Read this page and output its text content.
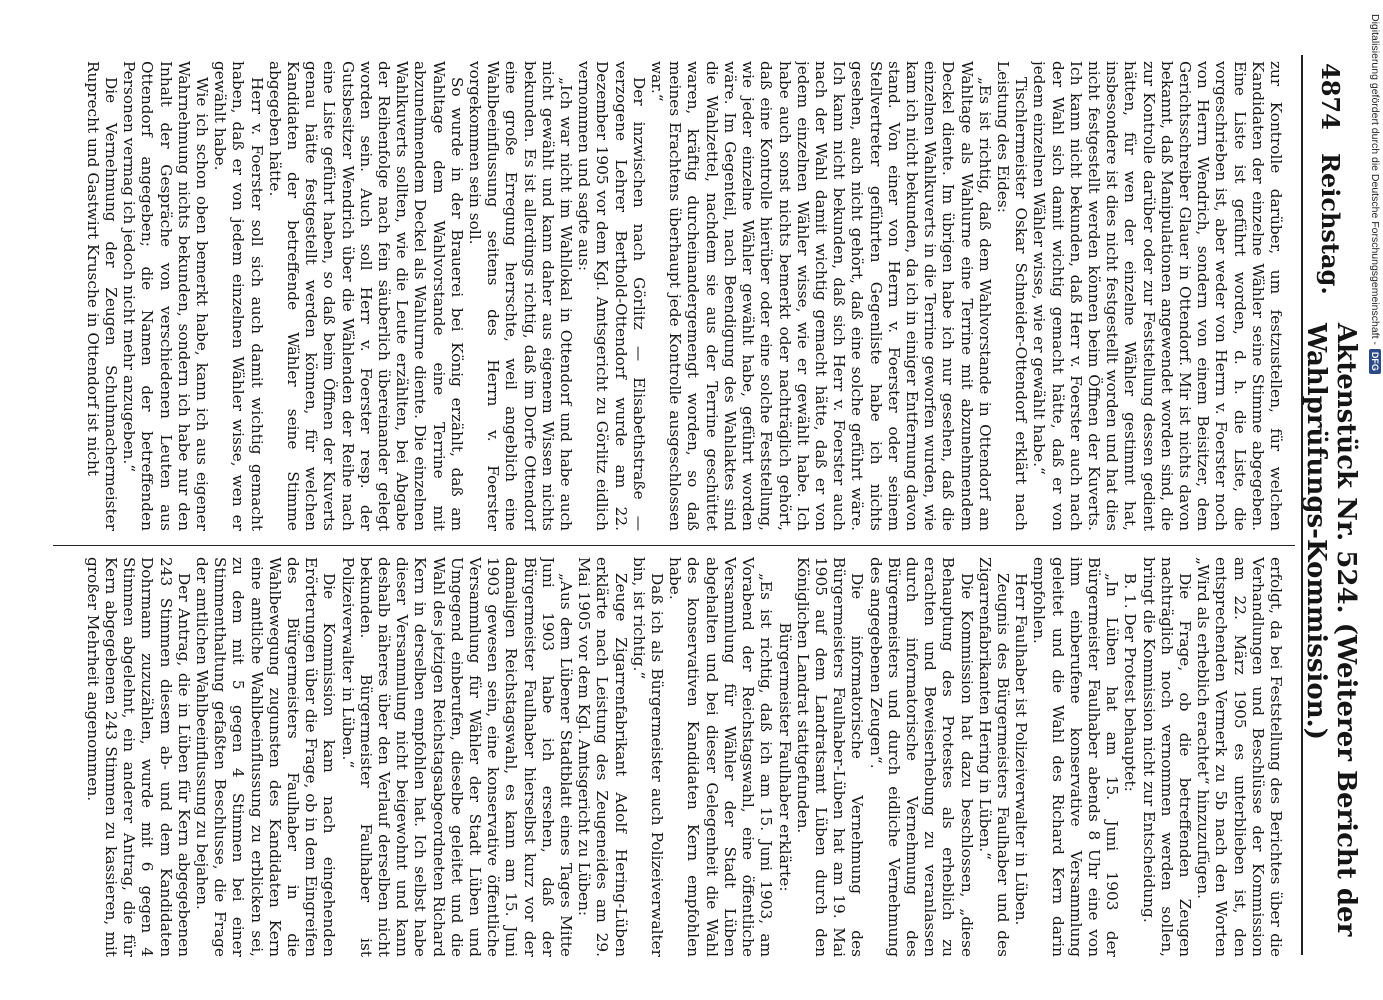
4874
Reichstag.
Aktenstück Nr. 524. (Weiterer Bericht der Wahlprüfungs-Kommission.)

zur Kontrolle darüber, um festzustellen, für welchen Kandidaten der einzelne Wähler seine Stimme abgegeben. Eine Liste ist geführt worden, d. h. die Liste, die vorgeschrieben ist, aber weder von Herrn v. Foerster noch von Herrn Wendrich, sondern von einem Beisitzer, dem Gerichtsschreiber Glauer in Ottendorf. Mir ist nichts davon bekannt, daß Manipulationen angewendet worden sind, die zur Kontrolle darüber oder zur Feststellung dessen gedient hätten, für wen der einzelne Wähler gestimmt hat, insbesondere ist dies nicht festgestellt worden und hat dies nicht festgestellt werden können beim Öffnen der Kuverts. Ich kann nicht bekunden, daß Herr v. Foerster auch nach der Wahl sich damit wichtig gemacht hätte, daß er von jedem einzelnen Wähler wisse, wie er gewählt habe.“

Tischlermeister Oskar Schneider-Ottendorf erklärt nach Leistung des Eides:

„Es ist richtig, daß dem Wahlvorstande in Ottendorf am Wahltage als Wahlurne eine Terrine mit abzunehmendem Deckel diente. Im übrigen habe ich nur gesehen, daß die einzelnen Wahlkuverts in die Terrine geworfen wurden, wie kam ich nicht bekunden, da ich in einiger Entfernung davon stand. Von einer von Herrn v. Foerster oder seinem Stellvertreter geführten Gegenliste habe ich nichts gesehen, auch nicht gehört, daß eine solche geführt wäre. Ich kann nicht bekunden, daß sich Herr v. Foerster auch nach der Wahl damit wichtig gemacht hätte, daß er von jedem einzelnen Wähler wisse, wie er gewählt habe. Ich habe auch sonst nichts bemerkt oder nachträglich gehört, daß eine Kontrolle hierüber oder eine solche Feststellung, wie jeder einzelne Wähler gewählt habe, geführt worden wäre. Im Gegenteil, nach Beendigung des Wahlaktes sind die Wahlzettel, nachdem sie aus der Terrine geschüttet waren, kräftig durcheinandergemengt worden, so daß meines Erachtens überhaupt jede Kontrolle ausgeschlossen war.“

Der inzwischen nach Görlitz — Elisabethstraße — verzogene Lehrer Berthold-Ottendorf wurde am 22. Dezember 1905 vor dem Kgl. Amtsgericht zu Görlitz eidlich vernommen und sagte aus:

„Ich war nicht im Wahllokal in Ottendorf und habe auch nicht gewählt und kann daher aus eigenem Wissen nichts bekunden. Es ist allerdings richtig, daß im Dorfe Ottendorf eine große Erregung herrschte, weil angeblich eine Wahlbeeinflussung seitens des Herrn v. Foerster vorgekommen sein soll.

So wurde in der Brauerei bei König erzählt, daß am Wahltage dem Wahlvorstande eine Terrine mit abzunehmendem Deckel als Wahlurne diente. Die einzelnen Wahlkuverts sollten, wie die Leute erzählten, bei Abgabe der Reihenfolge nach fein säuberlich übereinander gelegt worden sein. Auch soll Herr v. Foerster resp. der Gutsbesitzer Wendrich über die Wählenden der Reihe nach eine Liste geführt haben, so daß beim Öffnen der Kuverts genau hätte festgestellt werden können, für welchen Kandidaten der betreffende Wähler seine Stimme abgegeben hätte.

Herr v. Foerster soll sich auch damit wichtig gemacht haben, daß er von jedem einzelnen Wähler wisse, wen er gewählt habe.

Wie ich schon oben bemerkt habe, kann ich aus eigener Wahrnehmung nichts bekunden, sondern ich habe nur den Inhalt der Gespräche von verschiedenen Leuten aus Ottendorf angegeben; die Namen der betreffenden Personen vermag ich jedoch nicht mehr anzugeben.“

Die Vernehmung der Zeugen Schuhmachermeister Ruprecht und Gastwirt Krusche in Ottendorf ist nicht

erfolgt, da bei Feststellung des Berichtes über die Verhandlungen und Beschlüsse der Kommission am 22. März 1905 es unterblieben ist, den entsprechenden Vermerk zu 5b nach den Worten „Wird als erheblich erachtet“ hinzuzufügen.

Die Frage, ob die betreffenden Zeugen nachträglich noch vernommen werden sollen, bringt die Kommission nicht zur Entscheidung.

B. 1. Der Protest behauptet:

„In Lüben hat am 15. Juni 1903 der Bürgermeister Faulhaber abends 8 Uhr eine von ihm einberufene konservative Versammlung geleitet und die Wahl des Richard Kern darin empfohlen.

Herr Faulhaber ist Polizeiverwalter in Lüben.

Zeugnis des Bürgermeisters Faulhaber und des Zigarrenfabrikanten Hering in Lüben.“

Die Kommission hat dazu beschlossen, „diese Behauptung des Protestes als erheblich zu erachten und Beweiserhebung zu veranlassen durch informatorische Vernehmung des Bürgermeisters und durch eidliche Vernehmung des angegebenen Zeugen“.

Die informatorische Vernehmung des Bürgermeisters Faulhaber-Lüben hat am 19. Mai 1905 auf dem Landratsamt Lüben durch den Königlichen Landrat stattgefunden.

Bürgermeister Faulhaber erklärte:

„Es ist richtig, daß ich am 15. Juni 1903, am Vorabend der Reichstagswahl, eine öffentliche Versammlung für Wähler der Stadt Lüben abgehalten und bei dieser Gelegenheit die Wahl des konservativen Kandidaten Kern empfohlen habe.

Daß ich als Bürgermeister auch Polizeiverwalter bin, ist richtig.“

Zeuge Zigarrenfabrikant Adolf Hering-Lüben erklärte nach Leistung des Zeugeneides am 29. Mai 1905 vor dem Kgl. Amtsgericht zu Lüben:

„Aus dem Lübener Stadtblatt eines Tages Mitte Juni 1903 habe ich ersehen, daß der Bürgermeister Faulhaber hierselbst kurz vor der damaligen Reichstagswahl, es kann am 15. Juni 1903 gewesen sein, eine konservative öffentliche Versammlung für Wähler der Stadt Lüben und Umgegend einberufen, dieselbe geleitet und die Wahl des jetzigen Reichstagsabgeordneten Richard Kern in derselben empfohlen hat. Ich selbst habe dieser Versammlung nicht beigewohnt und kann deshalb näheres über den Verlauf derselben nicht bekunden. Bürgermeister Faulhaber ist Polizeiverwalter in Lüben.“

Die Kommission kam nach eingehenden Erörterungen über die Frage, ob in dem Eingreifen des Bürgermeisters Faulhaber in die Wahlbewegung zugunsten des Kandidaten Kern eine amtliche Wahlbeeinflussung zu erblicken sei, zu dem mit 5 gegen 4 Stimmen bei einer Stimmenthaltung gefaßten Beschlusse, die Frage der amtlichen Wahlbeeinflussung zu bejahen.

Der Antrag, die in Lüben für Kern abgegebenen 243 Stimmen diesem ab- und dem Kandidaten Dohrmann zuzuzählen, wurde mit 6 gegen 4 Stimmen abgelehnt, ein anderer Antrag, die für Kern abgegebenen 243 Stimmen zu kassieren, mit großer Mehrheit angenommen.

Digitalisierung gefördert durch die Deutsche Forschungsgemeinschaft -
DFG
